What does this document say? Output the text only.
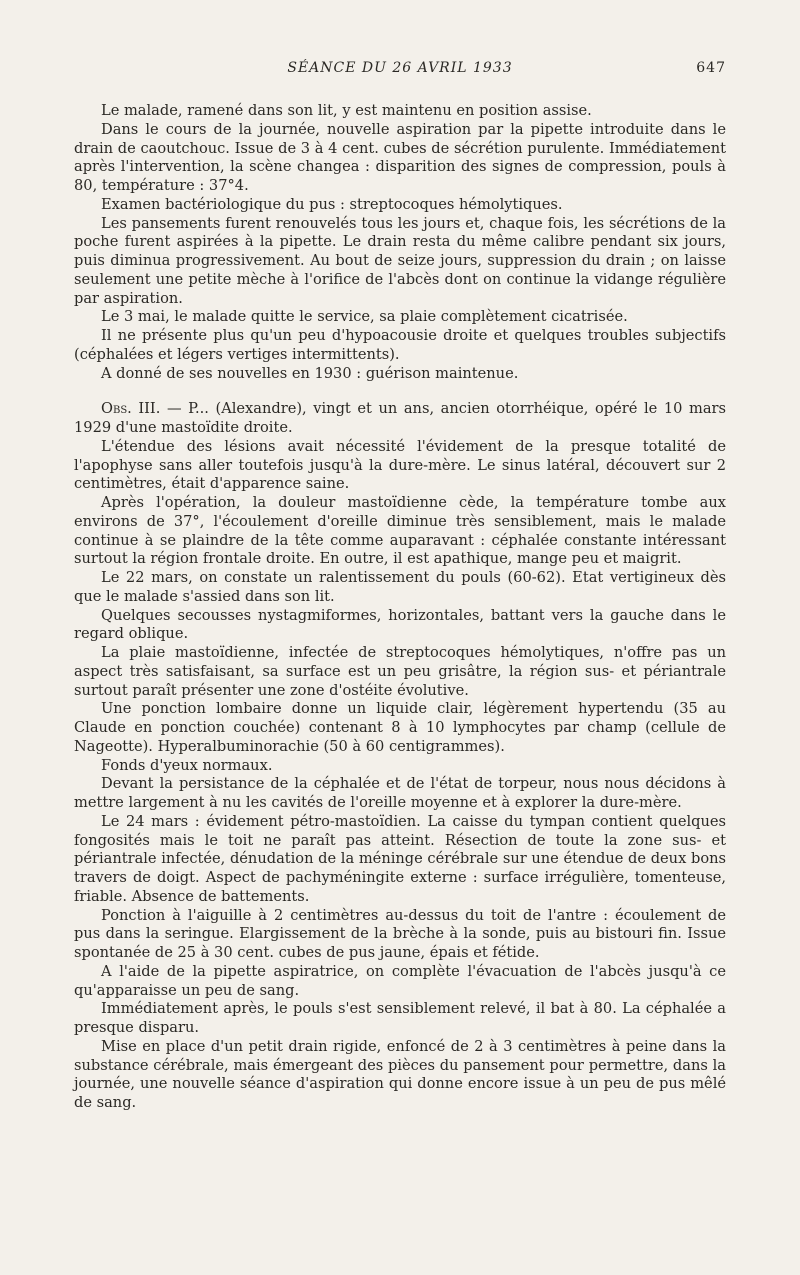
SÉANCE DU 26 AVRIL 1933	647

Le malade, ramené dans son lit, y est maintenu en position assise.

Dans le cours de la journée, nouvelle aspiration par la pipette introduite dans le drain de caoutchouc. Issue de 3 à 4 cent. cubes de sécrétion purulente. Immédiatement après l'intervention, la scène changea : disparition des signes de compression, pouls à 80, température : 37°4.

Examen bactériologique du pus : streptocoques hémolytiques.

Les pansements furent renouvelés tous les jours et, chaque fois, les sécrétions de la poche furent aspirées à la pipette. Le drain resta du même calibre pendant six jours, puis diminua progressivement. Au bout de seize jours, suppression du drain ; on laisse seulement une petite mèche à l'orifice de l'abcès dont on continue la vidange régulière par aspiration.

Le 3 mai, le malade quitte le service, sa plaie complètement cicatrisée.

Il ne présente plus qu'un peu d'hypoacousie droite et quelques troubles subjectifs (céphalées et légers vertiges intermittents).

A donné de ses nouvelles en 1930 : guérison maintenue.

Obs. III. — P... (Alexandre), vingt et un ans, ancien otorrhéique, opéré le 10 mars 1929 d'une mastoïdite droite.

L'étendue des lésions avait nécessité l'évidement de la presque totalité de l'apophyse sans aller toutefois jusqu'à la dure-mère. Le sinus latéral, découvert sur 2 centimètres, était d'apparence saine.

Après l'opération, la douleur mastoïdienne cède, la température tombe aux environs de 37°, l'écoulement d'oreille diminue très sensiblement, mais le malade continue à se plaindre de la tête comme auparavant : céphalée constante intéressant surtout la région frontale droite. En outre, il est apathique, mange peu et maigrit.

Le 22 mars, on constate un ralentissement du pouls (60-62). Etat vertigineux dès que le malade s'assied dans son lit.

Quelques secousses nystagmiformes, horizontales, battant vers la gauche dans le regard oblique.

La plaie mastoïdienne, infectée de streptocoques hémolytiques, n'offre pas un aspect très satisfaisant, sa surface est un peu grisâtre, la région sus- et périantrale surtout paraît présenter une zone d'ostéite évolutive.

Une ponction lombaire donne un liquide clair, légèrement hypertendu (35 au Claude en ponction couchée) contenant 8 à 10 lymphocytes par champ (cellule de Nageotte). Hyperalbuminorachie (50 à 60 centigrammes).

Fonds d'yeux normaux.

Devant la persistance de la céphalée et de l'état de torpeur, nous nous décidons à mettre largement à nu les cavités de l'oreille moyenne et à explorer la dure-mère.

Le 24 mars : évidement pétro-mastoïdien. La caisse du tympan contient quelques fongosités mais le toit ne paraît pas atteint. Résection de toute la zone sus- et périantrale infectée, dénudation de la méninge cérébrale sur une étendue de deux bons travers de doigt. Aspect de pachyméningite externe : surface irrégulière, tomenteuse, friable. Absence de battements.

Ponction à l'aiguille à 2 centimètres au-dessus du toit de l'antre : écoulement de pus dans la seringue. Elargissement de la brèche à la sonde, puis au bistouri fin. Issue spontanée de 25 à 30 cent. cubes de pus jaune, épais et fétide.

A l'aide de la pipette aspiratrice, on complète l'évacuation de l'abcès jusqu'à ce qu'apparaisse un peu de sang.

Immédiatement après, le pouls s'est sensiblement relevé, il bat à 80. La céphalée a presque disparu.

Mise en place d'un petit drain rigide, enfoncé de 2 à 3 centimètres à peine dans la substance cérébrale, mais émergeant des pièces du pansement pour permettre, dans la journée, une nouvelle séance d'aspiration qui donne encore issue à un peu de pus mêlé de sang.
